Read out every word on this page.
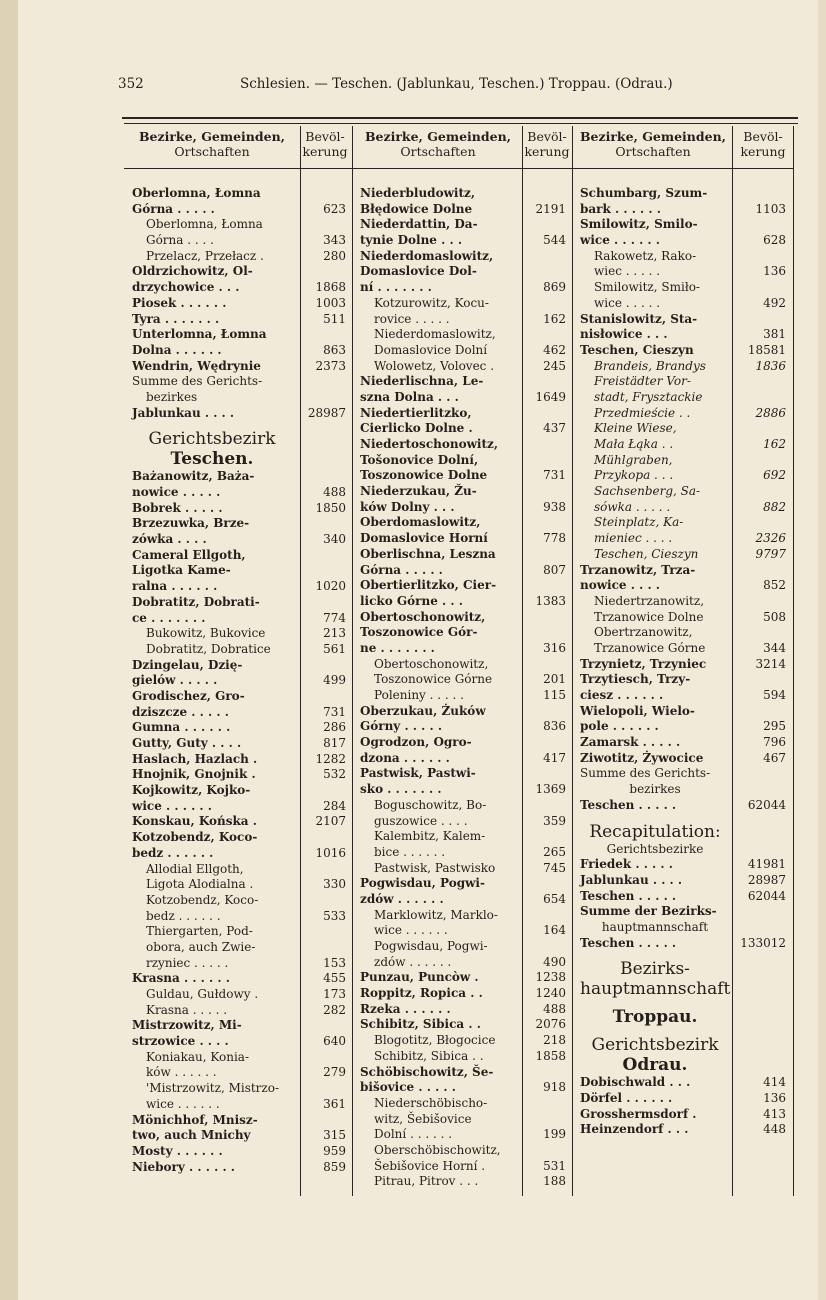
352	Schlesien. — Teschen. (Jablunkau, Teschen.) Troppau. (Odrau.)
Bezirke, Gemeinden,
Ortschaften
Bevöl-
kerung
Bezirke, Gemeinden,
Ortschaften
Bevöl-
kerung
Bezirke, Gemeinden,
Ortschaften
Bevöl-
kerung
Oberlomna, Łomna
Górna . . . . .	623
Oberlomna, Łomna
Górna . . . .	343
Przelacz, Przełacz .	280
Oldrzichowitz, Ol-
drzychowice . . .	1868
Piosek . . . . . .	1003
Tyra . . . . . . .	511
Unterlomna, Łomna
Dolna . . . . . .	863
Wendrin, Wędrynie	2373
Summe des Gerichts-
bezirkes
Jablunkau . . . .	28987
Gerichtsbezirk
Teschen.
Bażanowitz, Baża-
nowice . . . . .	488
Bobrek . . . . .	1850
Brzezuwka, Brze-
zówka . . . .	340
Cameral Ellgoth,
Ligotka Kame-
ralna . . . . . .	1020
Dobratitz, Dobrati-
ce . . . . . . .	774
Bukowitz, Bukovice	213
Dobratitz, Dobratice	561
Dzingelau, Dzię-
gielów . . . . .	499
Grodischez, Gro-
dziszcze . . . . .	731
Gumna . . . . . .	286
Gutty, Guty . . . .	817
Haslach, Hazlach .	1282
Hnojnik, Gnojnik .	532
Kojkowitz, Kojko-
wice . . . . . .	284
Konskau, Końska .	2107
Kotzobendz, Koco-
bedz . . . . . .	1016
Allodial Ellgoth,
Ligota Alodialna .	330
Kotzobendz, Koco-
bedz . . . . . .	533
Thiergarten, Pod-
obora, auch Zwie-
rzyniec . . . . .	153
Krasna . . . . . .	455
Guldau, Gułdowy .	173
Krasna . . . . .	282
Mistrzowitz, Mi-
strzowice . . . .	640
Koniakau, Konia-
ków . . . . . .	279
'Mistrzowitz, Mistrzo-
wice . . . . . .	361
Mönichhof, Mnisz-
two, auch Mnichy	315
Mosty . . . . . .	959
Niebory . . . . . .	859
Niederbludowitz,
Błędowice Dolne	2191
Niederdattin, Da-
tynie Dolne . . .	544
Niederdomaslowitz,
Domaslovice Dol-
ní . . . . . . .	869
Kotzurowitz, Kocu-
rovice . . . . .	162
Niederdomaslowitz,
Domaslovice Dolní	462
Wolowetz, Volovec .	245
Niederlischna, Le-
szna Dolna . . .	1649
Niedertierlitzko,
Cierlicko Dolne .	437
Niedertoschonowitz,
Tošonovice Dolní,
Toszonowice Dolne	731
Niederzukau, Žu-
ków Dolny . . .	938
Oberdomaslowitz,
Domaslovice Horní	778
Oberlischna, Leszna
Górna . . . . .	807
Obertierlitzko, Cier-
licko Górne . . .	1383
Obertoschonowitz,
Toszonowice Gór-
ne . . . . . . .	316
Obertoschonowitz,
Toszonowice Górne	201
Poleniny . . . . .	115
Oberzukau, Żuków
Górny . . . . .	836
Ogrodzon, Ogro-
dzona . . . . . .	417
Pastwisk, Pastwi-
sko . . . . . . .	1369
Boguschowitz, Bo-
guszowice . . . .	359
Kalembitz, Kalem-
bice . . . . . .	265
Pastwisk, Pastwisko	745
Pogwisdau, Pogwi-
zdów . . . . . .	654
Marklowitz, Marklo-
wice . . . . . .	164
Pogwisdau, Pogwi-
zdów . . . . . .	490
Punzau, Puncòw .	1238
Roppitz, Ropica . .	1240
Rzeka . . . . . .	488
Schibitz, Sibica . .	2076
Blogotitz, Błogocice	218
Schibitz, Sibica . .	1858
Schöbischowitz, Še-
bišovice . . . . .	918
Niederschöbischo-
witz, Šebišovice
Dolní . . . . . .	199
Oberschöbischowitz,
Šebišovice Horní .	531
Pitrau, Pitrov . . .	188
Schumbarg, Szum-
bark . . . . . .	1103
Smilowitz, Smilo-
wice . . . . . .	628
Rakowetz, Rako-
wiec . . . . .	136
Smilowitz, Smiło-
wice . . . . .	492
Stanislowitz, Sta-
nisłowice . . .	381
Teschen, Cieszyn	18581
Brandeis, Brandys	1836
Freistädter Vor-
stadt, Frysztackie
Przedmieście . .	2886
Kleine Wiese,
Mała Łąka . .	162
Mühlgraben,
Przykopa . . .	692
Sachsenberg, Sa-
sówka . . . . .	882
Steinplatz, Ka-
mieniec . . . .	2326
Teschen, Cieszyn	9797
Trzanowitz, Trza-
nowice . . . .	852
Niedertrzanowitz,
Trzanowice Dolne	508
Obertrzanowitz,
Trzanowice Górne	344
Trzynietz, Trzyniec	3214
Trzytiesch, Trzy-
ciesz . . . . . .	594
Wielopoli, Wielo-
pole . . . . . .	295
Zamarsk . . . . .	796
Ziwotitz, Żywocice	467
Summe des Gerichts-
bezirkes
Teschen . . . . .	62044
Recapitulation:
Gerichtsbezirke
Friedek . . . . .	41981
Jablunkau . . . .	28987
Teschen . . . . .	62044
Summe der Bezirks-
hauptmannschaft
Teschen . . . . .	133012
Bezirks-
hauptmannschaft
Troppau.
Gerichtsbezirk
Odrau.
Dobischwald . . .	414
Dörfel . . . . . .	136
Grosshermsdorf .	413
Heinzendorf . . .	448
